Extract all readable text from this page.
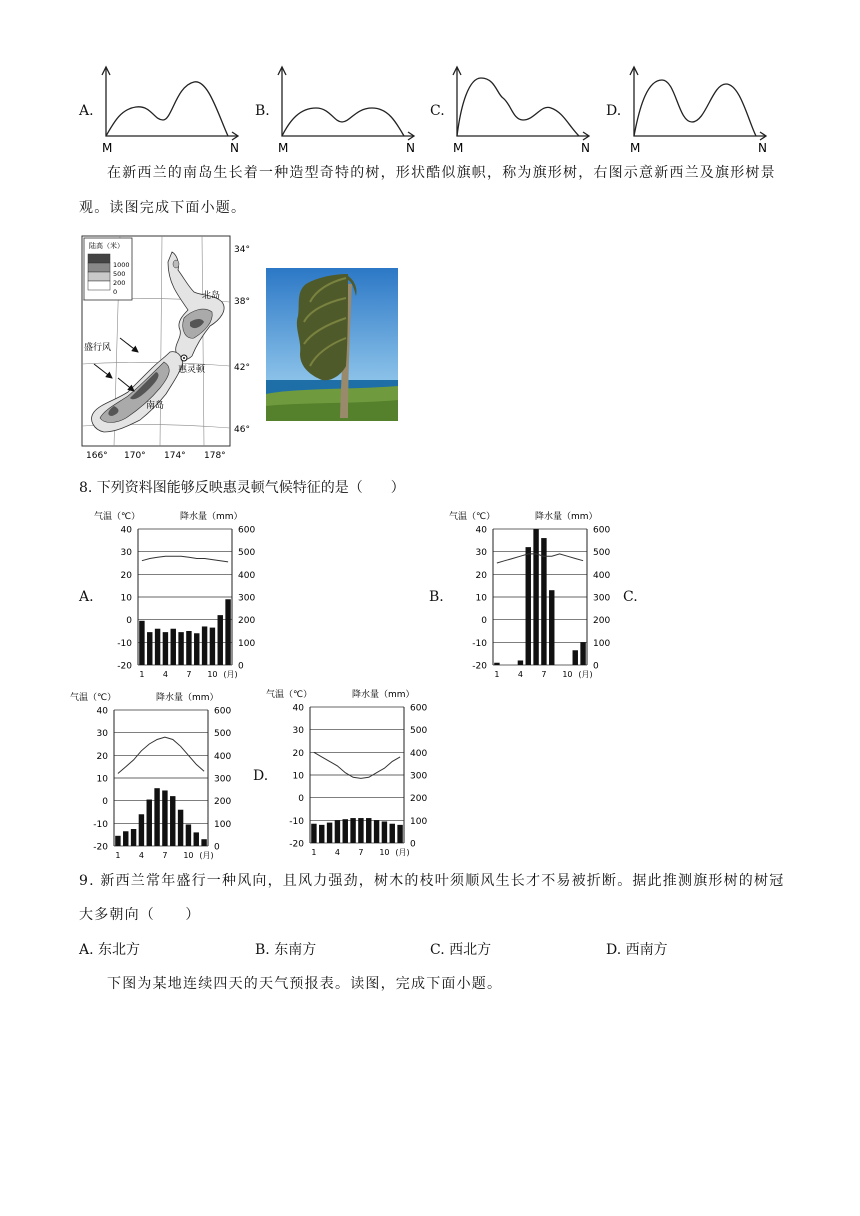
A.	B.	C.	D.
M	N	M	N	M	N	M	N
在新西兰的南岛生长着一种造型奇特的树，形状酷似旗帜，称为旗形树，右图示意新西兰及旗形树景
观。读图完成下面小题。
陆高（米）
1000
500
200
0	北岛
南岛
盛行风
惠灵顿
34°
38°
42°
46°
166° 170° 174° 178°
8. 下列资料图能够反映惠灵顿气候特征的是（　　）
A.	B.	C.
D.
气温（℃）	降水量（mm）
40	600
30	500
20	400
10	300
0	200
-10	100
-20	0
1 4 7 10 (月)
气温（℃）	降水量（mm）
40	600
30	500
20	400
10	300
0	200
-10	100
-20	0
1 4 7 10 (月)
气温（℃）	降水量（mm）
40	600
30	500
20	400
10	300
0	200
-10	100
-20	0
1 4 7 10 (月)
气温（℃）	降水量（mm）
40	600
30	500
20	400
10	300
0	200
-10	100
-20	0
1 4 7 10 (月)
9. 新西兰常年盛行一种风向，且风力强劲，树木的枝叶须顺风生长才不易被折断。据此推测旗形树的树冠
大多朝向（　　）
A. 东北方	B. 东南方	C. 西北方	D. 西南方
下图为某地连续四天的天气预报表。读图，完成下面小题。
